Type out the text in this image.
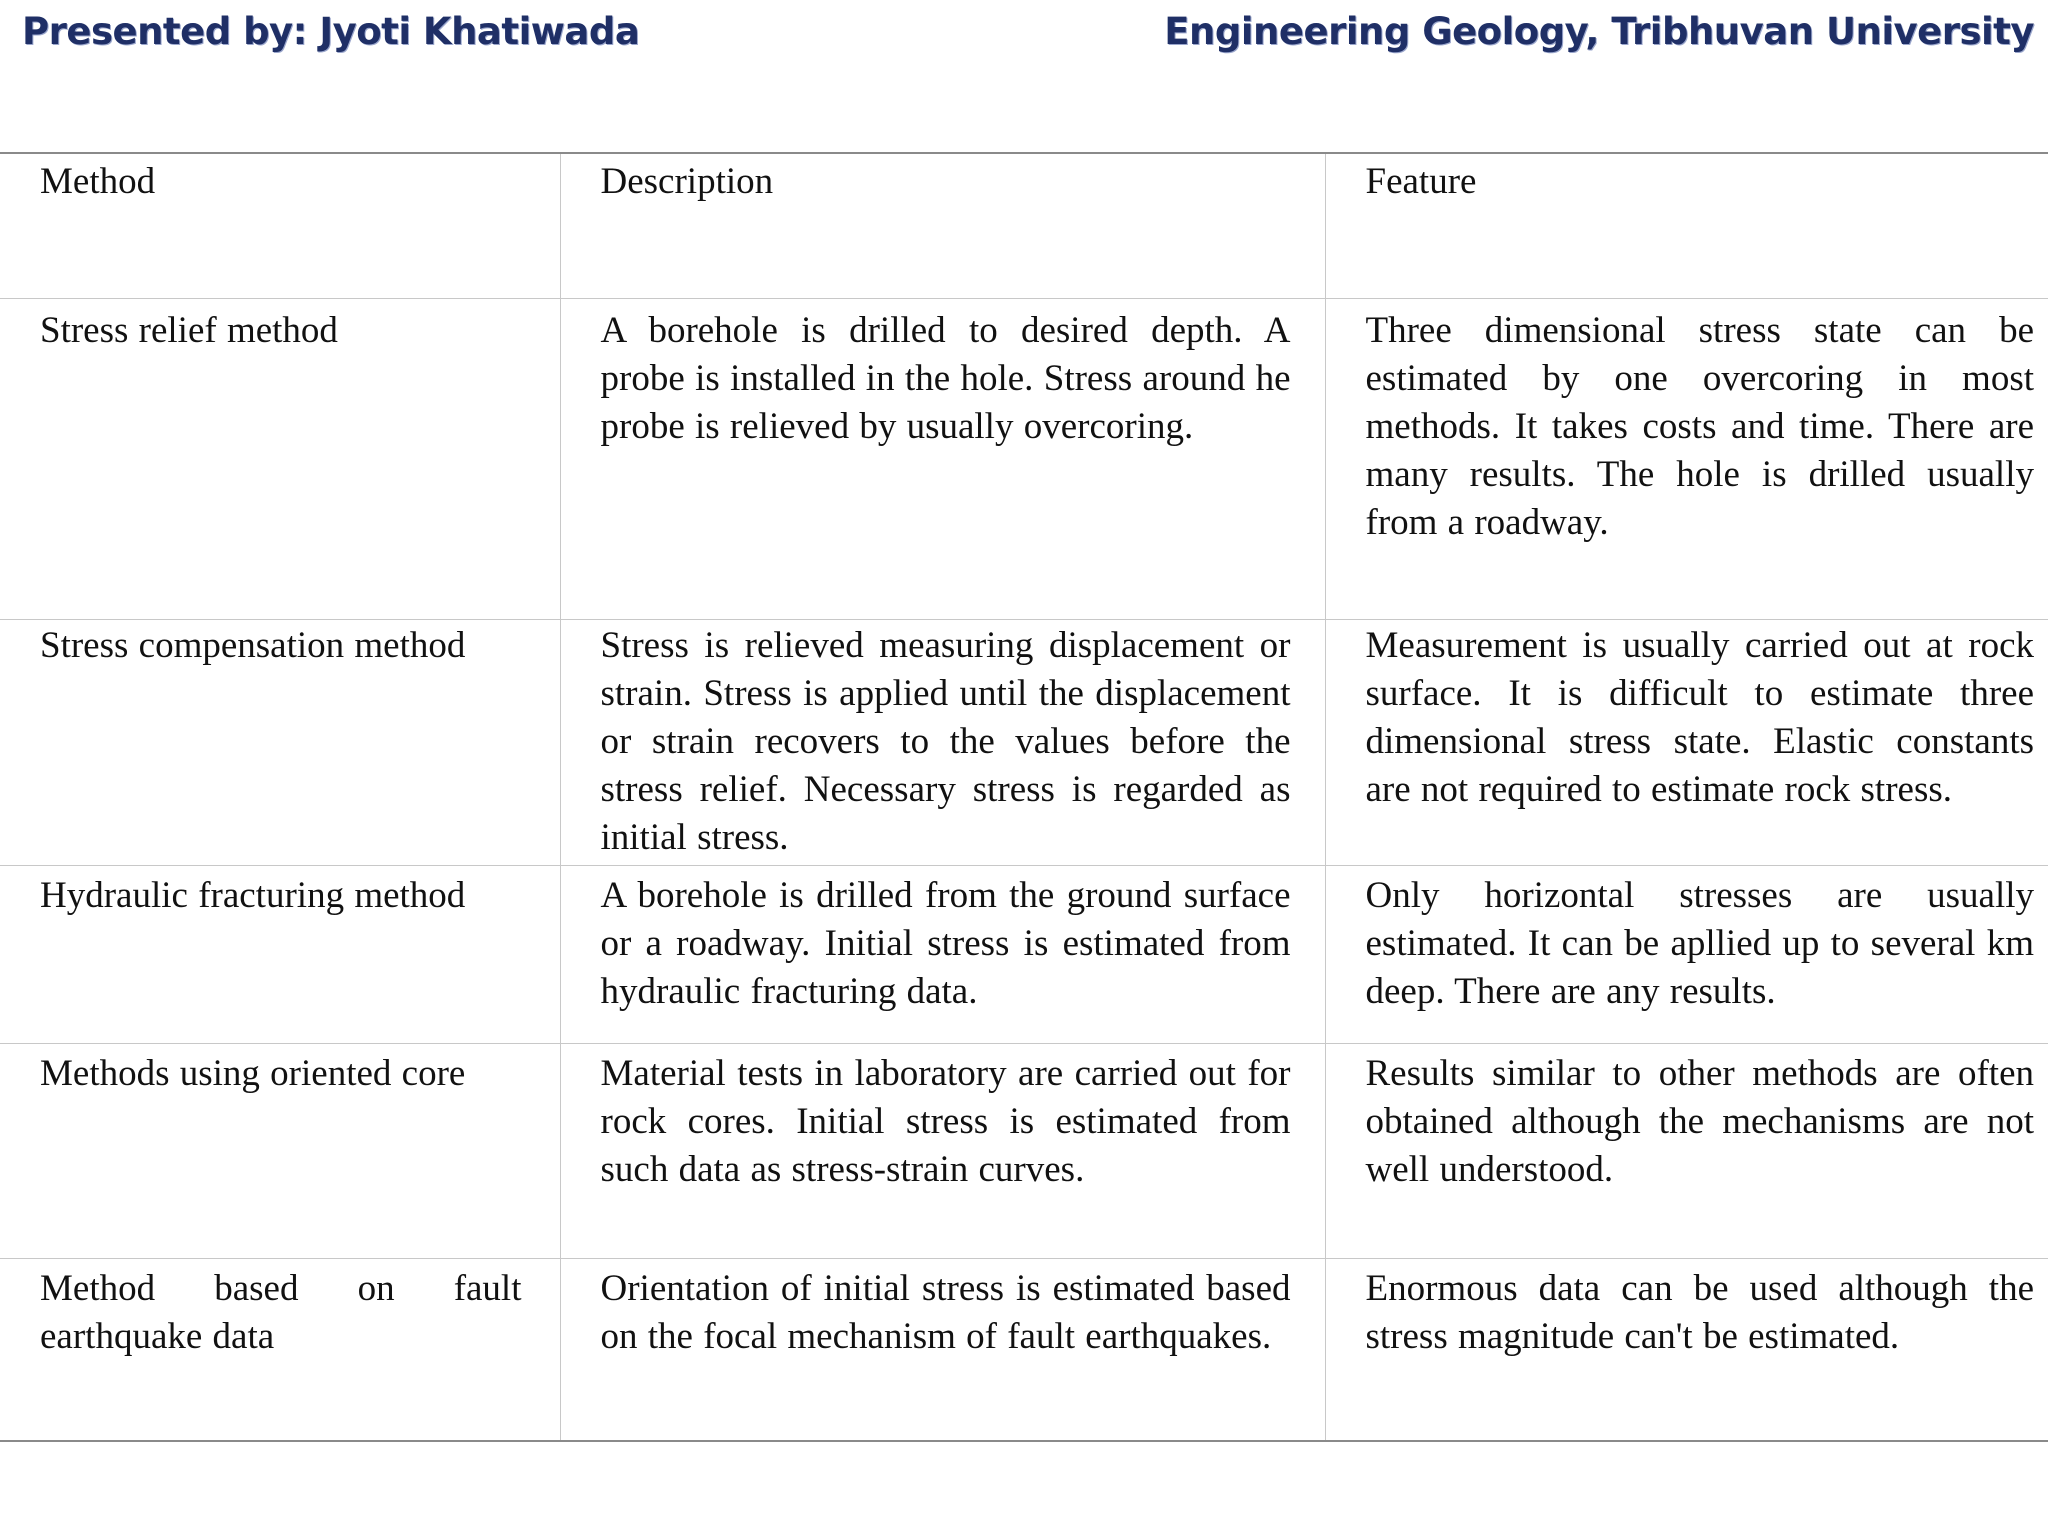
Presented by: Jyoti Khatiwada	Engineering Geology, Tribhuvan University
Method	Description	Feature
Stress relief method	A borehole is drilled to desired depth. A probe is installed in the hole. Stress around he probe is relieved by usually overcoring.	Three dimensional stress state can be estimated by one overcoring in most methods. It takes costs and time. There are many results. The hole is drilled usually from a roadway.
Stress compensation method	Stress is relieved measuring displacement or strain. Stress is applied until the displacement or strain recovers to the values before the stress relief. Necessary stress is regarded as initial stress.	Measurement is usually carried out at rock surface. It is difficult to estimate three dimensional stress state. Elastic constants are not required to estimate rock stress.
Hydraulic fracturing method	A borehole is drilled from the ground surface or a roadway. Initial stress is estimated from hydraulic fracturing data.	Only horizontal stresses are usually estimated. It can be apllied up to several km deep. There are any results.
Methods using oriented core	Material tests in laboratory are carried out for rock cores. Initial stress is estimated from such data as stress-strain curves.	Results similar to other methods are often obtained although the mechanisms are not well understood.
Method based on fault earthquake data	Orientation of initial stress is estimated based on the focal mechanism of fault earthquakes.	Enormous data can be used although the stress magnitude can't be estimated.
